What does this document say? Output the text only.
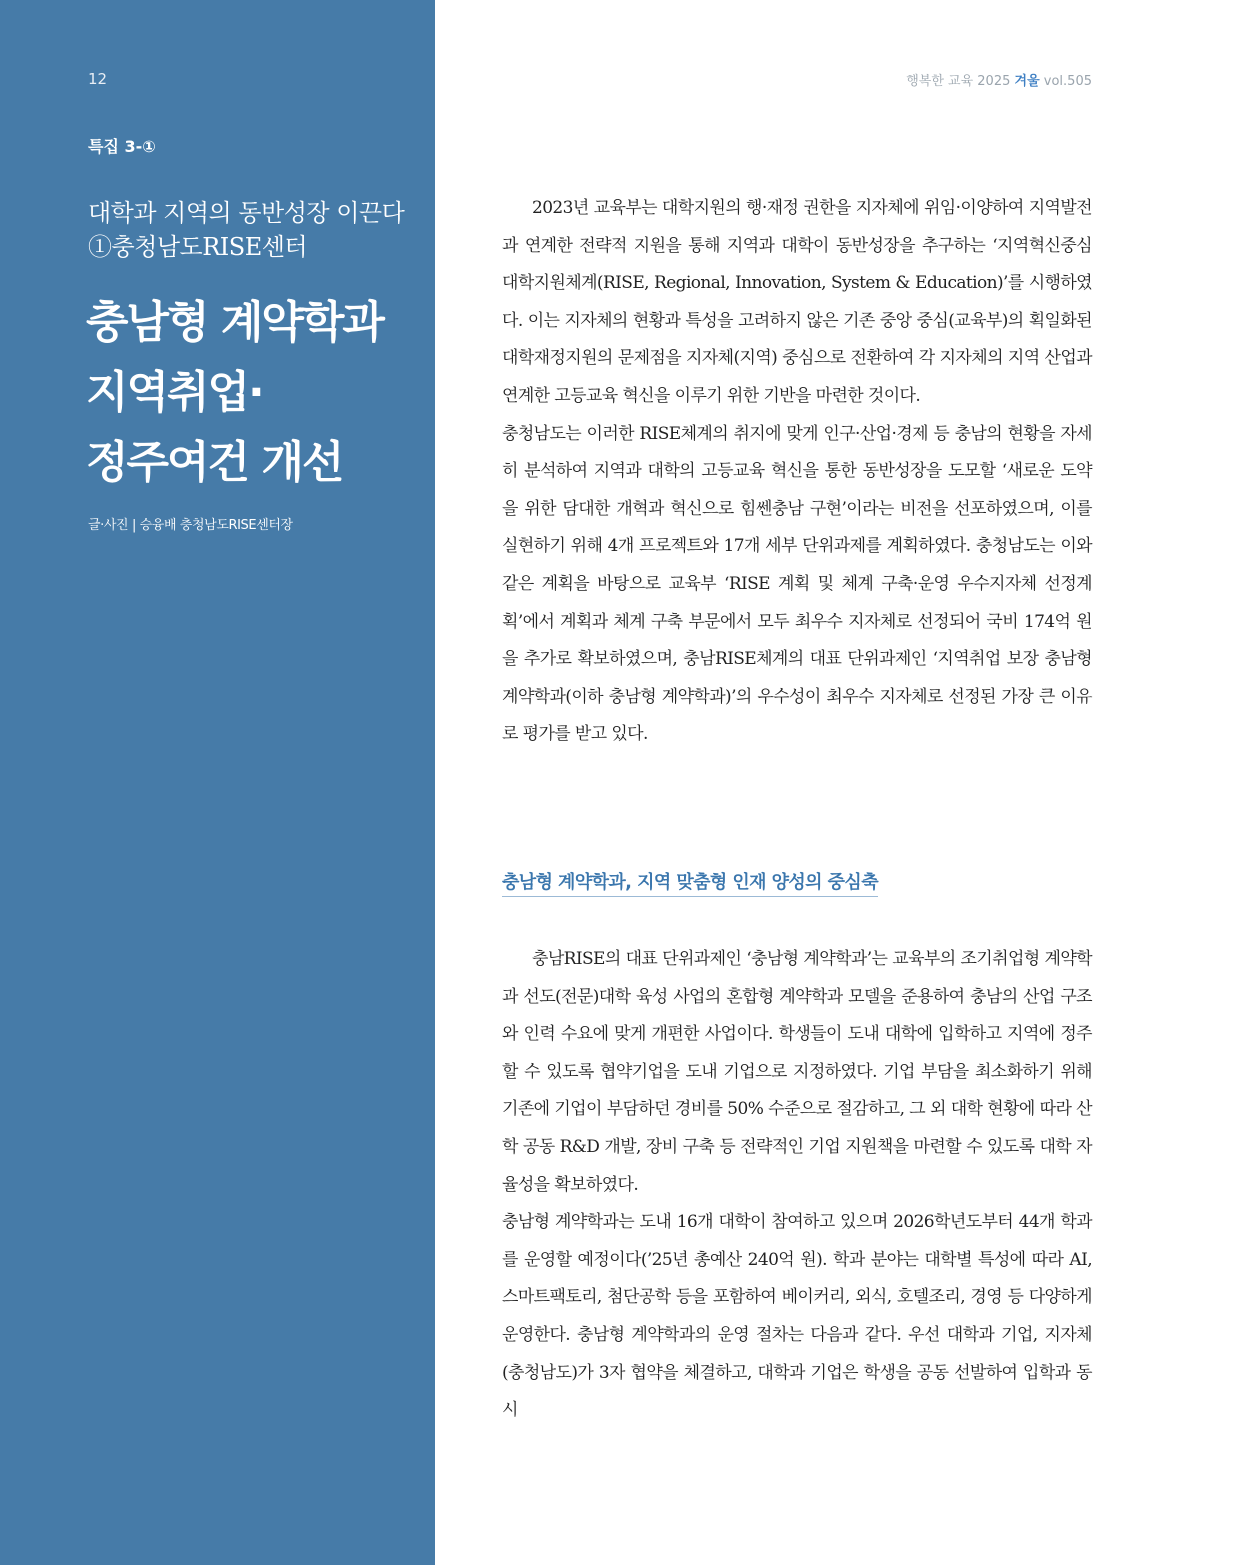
12
특집 3-①
대학과 지역의 동반성장 이끈다
①충청남도RISE센터
충남형 계약학과
지역취업·
정주여건 개선
글·사진 | 승융배 충청남도RISE센터장
행복한 교육 2025 겨울 vol.505

2023년 교육부는 대학지원의 행·재정 권한을 지자체에 위임·이양하여 지역발전과 연계한 전략적 지원을 통해 지역과 대학이 동반성장을 추구하는 ‘지역혁신중심 대학지원체계(RISE, Regional, Innovation, System & Education)’를 시행하였다. 이는 지자체의 현황과 특성을 고려하지 않은 기존 중앙 중심(교육부)의 획일화된 대학재정지원의 문제점을 지자체(지역) 중심으로 전환하여 각 지자체의 지역 산업과 연계한 고등교육 혁신을 이루기 위한 기반을 마련한 것이다.

충청남도는 이러한 RISE체계의 취지에 맞게 인구·산업·경제 등 충남의 현황을 자세히 분석하여 지역과 대학의 고등교육 혁신을 통한 동반성장을 도모할 ‘새로운 도약을 위한 담대한 개혁과 혁신으로 힘쎈충남 구현’이라는 비전을 선포하였으며, 이를 실현하기 위해 4개 프로젝트와 17개 세부 단위과제를 계획하였다. 충청남도는 이와 같은 계획을 바탕으로 교육부 ‘RISE 계획 및 체계 구축·운영 우수지자체 선정계획’에서 계획과 체계 구축 부문에서 모두 최우수 지자체로 선정되어 국비 174억 원을 추가로 확보하였으며, 충남RISE체계의 대표 단위과제인 ‘지역취업 보장 충남형 계약학과(이하 충남형 계약학과)’의 우수성이 최우수 지자체로 선정된 가장 큰 이유로 평가를 받고 있다.

충남형 계약학과, 지역 맞춤형 인재 양성의 중심축

충남RISE의 대표 단위과제인 ‘충남형 계약학과’는 교육부의 조기취업형 계약학과 선도(전문)대학 육성 사업의 혼합형 계약학과 모델을 준용하여 충남의 산업 구조와 인력 수요에 맞게 개편한 사업이다. 학생들이 도내 대학에 입학하고 지역에 정주할 수 있도록 협약기업을 도내 기업으로 지정하였다. 기업 부담을 최소화하기 위해 기존에 기업이 부담하던 경비를 50% 수준으로 절감하고, 그 외 대학 현황에 따라 산학 공동 R&D 개발, 장비 구축 등 전략적인 기업 지원책을 마련할 수 있도록 대학 자율성을 확보하였다.

충남형 계약학과는 도내 16개 대학이 참여하고 있으며 2026학년도부터 44개 학과를 운영할 예정이다(’25년 총예산 240억 원). 학과 분야는 대학별 특성에 따라 AI, 스마트팩토리, 첨단공학 등을 포함하여 베이커리, 외식, 호텔조리, 경영 등 다양하게 운영한다. 충남형 계약학과의 운영 절차는 다음과 같다. 우선 대학과 기업, 지자체(충청남도)가 3자 협약을 체결하고, 대학과 기업은 학생을 공동 선발하여 입학과 동시
